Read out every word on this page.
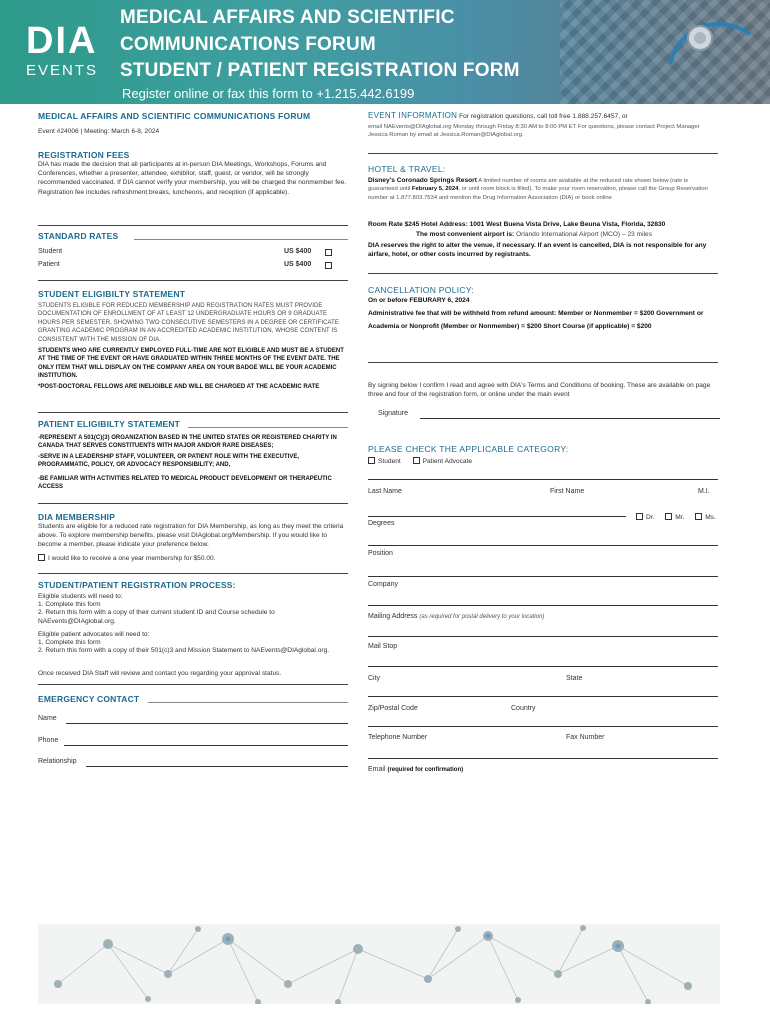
DIA
EVENTS
MEDICAL AFFAIRS AND SCIENTIFIC
COMMUNICATIONS FORUM
STUDENT / PATIENT REGISTRATION FORM
Register online or fax this form to +1.215.442.6199
MEDICAL AFFAIRS AND SCIENTIFIC COMMUNICATIONS FORUM
Event #24006 | Meeting: March 6-8, 2024
REGISTRATION FEES
DIA has made the decision that all participants at in-person DIA Meetings, Workshops, Forums and Conferences, whether a presenter, attendee, exhibitor, staff, guest, or vendor, will be strongly recommended vaccinated. If DIA cannot verify your membership, you will be charged the nonmember fee. Registration fee includes refreshment breaks, luncheons, and reception (if applicable).
STANDARD RATES
Student	US $400
Patient	US $400
STUDENT ELIGIBILTY STATEMENT
STUDENTS ELIGIBLE FOR REDUCED MEMBERSHIP AND REGISTRATION RATES MUST PROVIDE DOCUMENTATION OF ENROLLMENT OF AT LEAST 12 UNDERGRADUATE HOURS OR 9 GRADUATE HOURS PER SEMESTER, SHOWING TWO CONSECUTIVE SEMESTERS IN A DEGREE OR CERTIFICATE GRANTING ACADEMIC PROGRAM IN AN ACCREDITED ACADEMIC INSTITUTION, WHOSE CONTENT IS CONSISTENT WITH THE MISSION OF DIA.
STUDENTS WHO ARE CURRENTLY EMPLOYED FULL-TIME ARE NOT ELIGIBLE AND MUST BE A STUDENT AT THE TIME OF THE EVENT OR HAVE GRADUATED WITHIN THREE MONTHS OF THE EVENT DATE. THE ONLY ITEM THAT WILL DISPLAY ON THE COMPANY AREA ON YOUR BADGE WILL BE YOUR ACADEMIC INSTITUTION.
*POST-DOCTORAL FELLOWS ARE INELIGIBLE AND WILL BE CHARGED AT THE ACADEMIC RATE
PATIENT ELIGIBILTY STATEMENT
-REPRESENT A 501(C)(3) ORGANIZATION BASED IN THE UNITED STATES OR REGISTERED CHARITY IN CANADA THAT SERVES CONSTITUENTS WITH MAJOR AND/OR RARE DISEASES;
-SERVE IN A LEADERSHIP STAFF, VOLUNTEER, OR PATIENT ROLE WITH THE EXECUTIVE, PROGRAMMATIC, POLICY, OR ADVOCACY RESPONSIBILITY; AND,
-BE FAMILIAR WITH ACTIVITIES RELATED TO MEDICAL PRODUCT DEVELOPMENT OR THERAPEUTIC ACCESS
DIA MEMBERSHIP
Students are eligible for a reduced rate registration for DIA Membership, as long as they meet the criteria above. To explore membership benefits, please visit DIAglobal.org/Membership. If you would like to become a member, please indicate your preference below.
I would like to receive a one year membership for $50.00.
STUDENT/PATIENT REGISTRATION PROCESS:
Eligible students will need to:
1. Complete this form
2. Return this form with a copy of their current student ID and Course schedule to NAEvents@DIAglobal.org.
Eligible patient advocates will need to:
1. Complete this form
2. Return this form with a copy of their 501(c)3 and Mission Statement to NAEvents@DIAglobal.org.
Once received DIA Staff will review and contact you regarding your approval status.
EMERGENCY CONTACT
Name
Phone
Relationship
EVENT INFORMATION For registration questions, call toll free 1.888.257.6457, or
email NAEvents@DIAglobal.org Monday through Friday 8:30 AM to 8:00 PM ET For questions, please contact Project Manager Jessica Roman by email at Jessica.Roman@DIAglobal.org.
HOTEL & TRAVEL:
Disney's Coronado Springs Resort A limited number of rooms are available at the reduced rate shown below (rate is guaranteed until February 5, 2024, or until room block is filled). To make your room reservation, please call the Group Reservation number at 1.877.803.7534 and mention the Drug Information Association (DIA) or book online
Room Rate $245 Hotel Address: 1001 West Buena Vista Drive, Lake Beuna Vista, Florida, 32830
The most convenient airport is: Orlando International Airport (MCO) – 23 miles
DIA reserves the right to alter the venue, if necessary. If an event is cancelled, DIA is not responsible for any airfare, hotel, or other costs incurred by registrants.
CANCELLATION POLICY:
On or before FEBURARY 6, 2024
Administrative fee that will be withheld from refund amount: Member or Nonmember = $200 Government or Academia or Nonprofit (Member or Nonmember) = $200 Short Course (if applicable) = $200
By signing below I confirm I read and agree with DIA's Terms and Conditions of booking. These are available on page three and four of the registration form, or online under the main event
Signature
PLEASE CHECK THE APPLICABLE CATEGORY:
Student	Patient Advocate
Last Name	First Name	M.I.
Dr.	Mr.	Ms.
Degrees
Position
Company
Mailing Address (as required for postal delivery to your location)
Mail Stop
City	State
Zip/Postal Code	Country
Telephone Number	Fax Number
Email (required for confirmation)
